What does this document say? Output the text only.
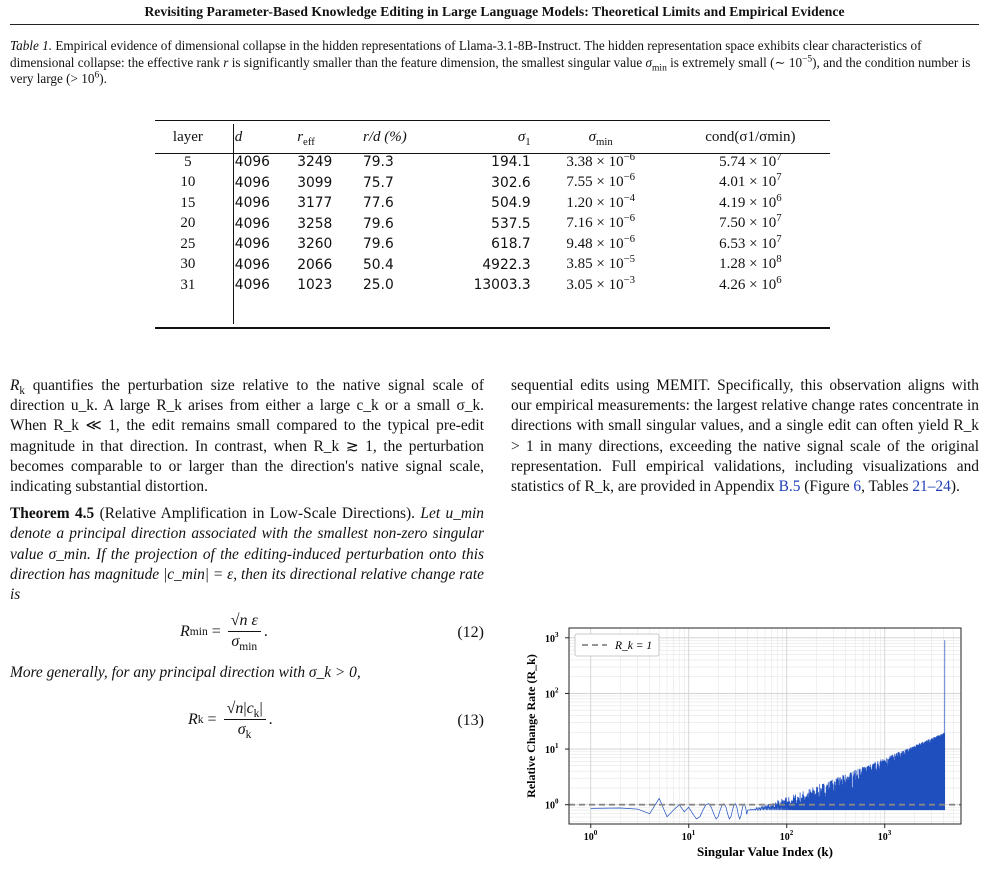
Revisiting Parameter-Based Knowledge Editing in Large Language Models: Theoretical Limits and Empirical Evidence
Table 1. Empirical evidence of dimensional collapse in the hidden representations of Llama-3.1-8B-Instruct. The hidden representation space exhibits clear characteristics of dimensional collapse: the effective rank r is significantly smaller than the feature dimension, the smallest singular value $\sigma_{min}$ is extremely small (∼ $10^{-5}$), and the condition number is very large (> $10^6$).
layer	d	$r_{eff}$	r/d (%)	$\sigma_1$	$\sigma_{min}$	cond(σ1/σmin)
5	4096	3249	79.3	194.1	$3.38 \times 10^{-6}$	$5.74 \times 10^7$
10	4096	3099	75.7	302.6	$7.55 \times 10^{-6}$	$4.01 \times 10^7$
15	4096	3177	77.6	504.9	$1.20 \times 10^{-4}$	$4.19 \times 10^6$
20	4096	3258	79.6	537.5	$7.16 \times 10^{-6}$	$7.50 \times 10^7$
25	4096	3260	79.6	618.7	$9.48 \times 10^{-6}$	$6.53 \times 10^7$
30	4096	2066	50.4	4922.3	$3.85 \times 10^{-5}$	$1.28 \times 10^8$
31	4096	1023	25.0	13003.3	$3.05 \times 10^{-3}$	$4.26 \times 10^6$

$R_k$ quantifies the perturbation size relative to the native signal scale of direction u_k. A large R_k arises from either a large c_k or a small σ_k. When R_k ≪ 1, the edit remains small compared to the typical pre-edit magnitude in that direction. In contrast, when R_k ≳ 1, the perturbation becomes comparable to or larger than the direction's native signal scale, indicating substantial distortion.

Theorem 4.5 (Relative Amplification in Low-Scale Directions). Let u_min denote a principal direction associated with the smallest non-zero singular value σ_min. If the projection of the editing-induced perturbation onto this direction has magnitude |c_min| = ε, then its directional relative change rate is

R $\min = \frac{\text{√n ε}}{\sigma_{min}}$ .	(12)

More generally, for any principal direction with σ_k > 0,

R $k = \frac{√n|c_k|}{\sigma_k}$ .	(13)

sequential edits using MEMIT. Specifically, this observation aligns with our empirical measurements: the largest relative change rates concentrate in directions with small singular values, and a single edit can often yield R_k > 1 in many directions, exceeding the native signal scale of the original representation. Full empirical validations, including visualizations and statistics of R_k, are provided in Appendix B.5 (Figure 6, Tables 21–24).

$10^0$
$10^0$
$10^1$
$10^1$
$10^2$
$10^2$
$10^3$
$10^3$
Singular Value Index (k)
Relative Change Rate (R_k)
R_k = 1
